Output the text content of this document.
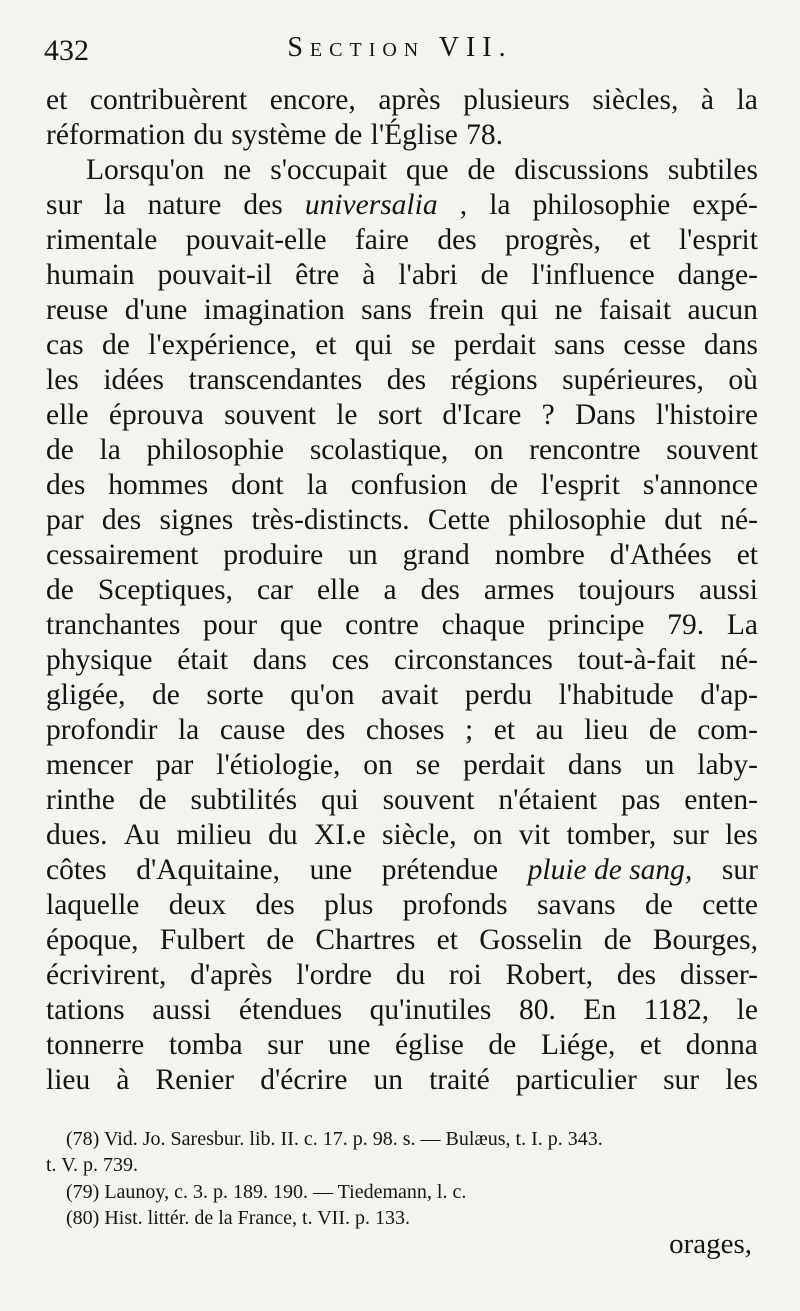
432	Section VII.
et contribuèrent encore, après plusieurs siècles, à la
réformation du système de l'Église 78.
Lorsqu'on ne s'occupait que de discussions subtiles
sur la nature des universalia , la philosophie expé-
rimentale pouvait-elle faire des progrès, et l'esprit
humain pouvait-il être à l'abri de l'influence dange-
reuse d'une imagination sans frein qui ne faisait aucun
cas de l'expérience, et qui se perdait sans cesse dans
les idées transcendantes des régions supérieures, où
elle éprouva souvent le sort d'Icare ? Dans l'histoire
de la philosophie scolastique, on rencontre souvent
des hommes dont la confusion de l'esprit s'annonce
par des signes très-distincts. Cette philosophie dut né-
cessairement produire un grand nombre d'Athées et
de Sceptiques, car elle a des armes toujours aussi
tranchantes pour que contre chaque principe 79. La
physique était dans ces circonstances tout-à-fait né-
gligée, de sorte qu'on avait perdu l'habitude d'ap-
profondir la cause des choses ; et au lieu de com-
mencer par l'étiologie, on se perdait dans un laby-
rinthe de subtilités qui souvent n'étaient pas enten-
dues. Au milieu du XI.e siècle, on vit tomber, sur les
côtes d'Aquitaine, une prétendue pluie de sang, sur
laquelle deux des plus profonds savans de cette
époque, Fulbert de Chartres et Gosselin de Bourges,
écrivirent, d'après l'ordre du roi Robert, des disser-
tations aussi étendues qu'inutiles 80. En 1182, le
tonnerre tomba sur une église de Liége, et donna
lieu à Renier d'écrire un traité particulier sur les
(78) Vid. Jo. Saresbur. lib. II. c. 17. p. 98. s. — Bulæus, t. I. p. 343.
t. V. p. 739.
(79) Launoy, c. 3. p. 189. 190. — Tiedemann, l. c.
(80) Hist. littér. de la France, t. VII. p. 133.
orages,
